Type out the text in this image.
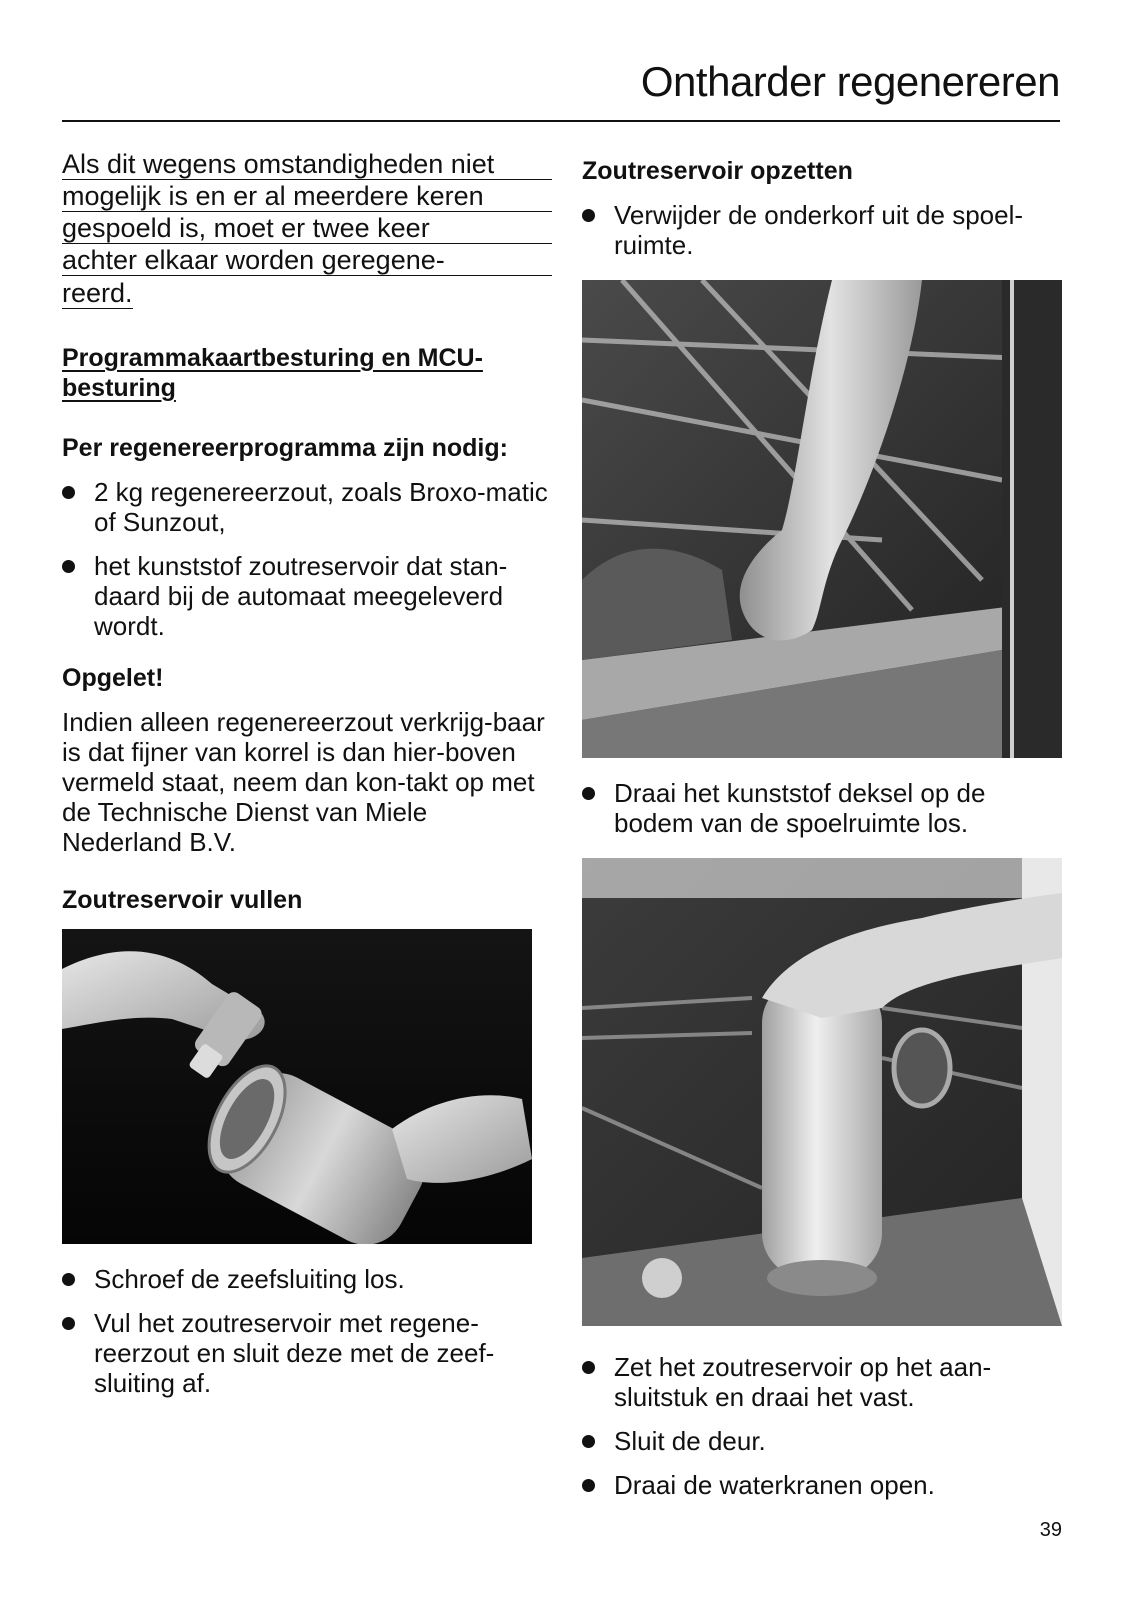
Ontharder regenereren
Als dit wegens omstandigheden niet
mogelijk is en er al meerdere keren
gespoeld is, moet er twee keer
achter elkaar worden geregene-
reerd.
Programmakaartbesturing en MCU-besturing
Per regenereerprogramma zijn nodig:
2 kg regenereerzout, zoals Broxo-matic of Sunzout,
het kunststof zoutreservoir dat stan-daard bij de automaat meegeleverd wordt.
Opgelet!
Indien alleen regenereerzout verkrijg-baar is dat fijner van korrel is dan hier-boven vermeld staat, neem dan kon-takt op met de Technische Dienst van Miele Nederland B.V.
Zoutreservoir vullen
Schroef de zeefsluiting los.
Vul het zoutreservoir met regene-reerzout en sluit deze met de zeef-sluiting af.
Zoutreservoir opzetten
Verwijder de onderkorf uit de spoel-ruimte.
Draai het kunststof deksel op de bodem van de spoelruimte los.
Zet het zoutreservoir op het aan-sluitstuk en draai het vast.
Sluit de deur.
Draai de waterkranen open.
39
